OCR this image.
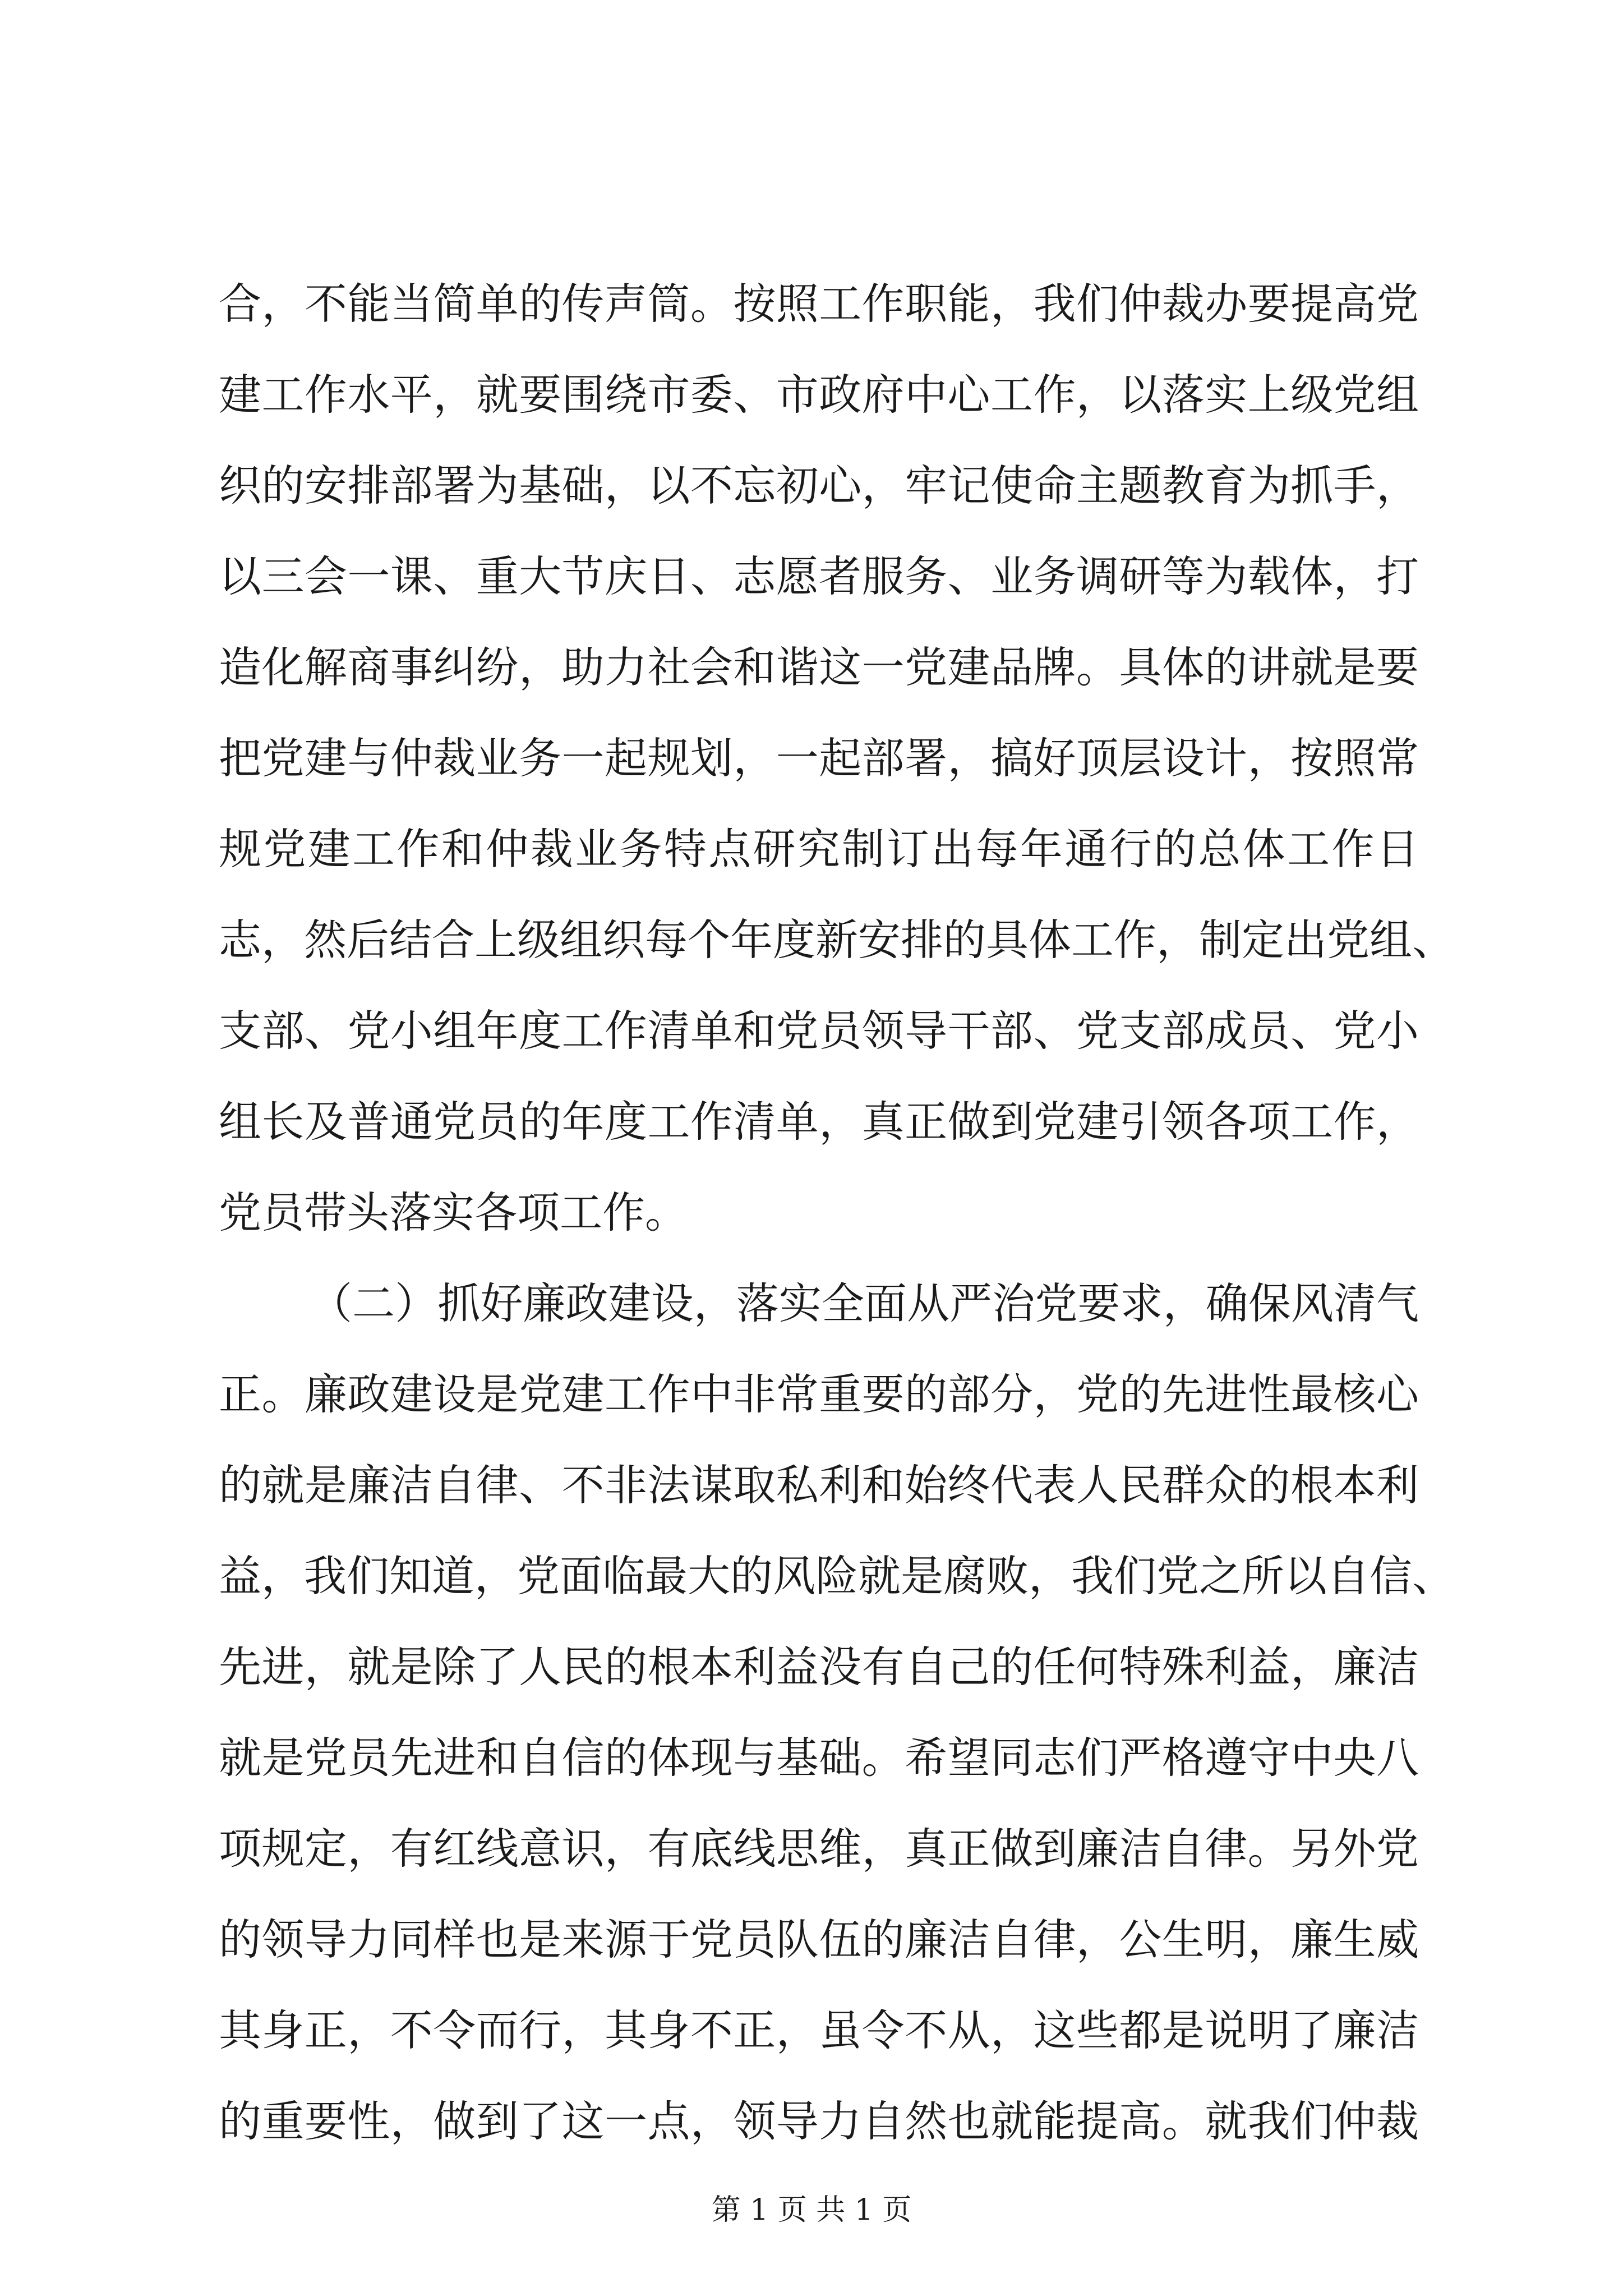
合，不能当简单的传声筒。按照工作职能，我们仲裁办要提高党
建工作水平，就要围绕市委、市政府中心工作，以落实上级党组
织的安排部署为基础，以不忘初心，牢记使命主题教育为抓手，
以三会一课、重大节庆日、志愿者服务、业务调研等为载体，打
造化解商事纠纷，助力社会和谐这一党建品牌。具体的讲就是要
把党建与仲裁业务一起规划，一起部署，搞好顶层设计，按照常
规党建工作和仲裁业务特点研究制订出每年通行的总体工作日
志，然后结合上级组织每个年度新安排的具体工作，制定出党组、
支部、党小组年度工作清单和党员领导干部、党支部成员、党小
组长及普通党员的年度工作清单，真正做到党建引领各项工作，
党员带头落实各项工作。
（二）抓好廉政建设，落实全面从严治党要求，确保风清气
正。廉政建设是党建工作中非常重要的部分，党的先进性最核心
的就是廉洁自律、不非法谋取私利和始终代表人民群众的根本利
益，我们知道，党面临最大的风险就是腐败，我们党之所以自信、
先进，就是除了人民的根本利益没有自己的任何特殊利益，廉洁
就是党员先进和自信的体现与基础。希望同志们严格遵守中央八
项规定，有红线意识，有底线思维，真正做到廉洁自律。另外党
的领导力同样也是来源于党员队伍的廉洁自律，公生明，廉生威
其身正，不令而行，其身不正，虽令不从，这些都是说明了廉洁
的重要性，做到了这一点，领导力自然也就能提高。就我们仲裁
第 1 页 共 1 页
